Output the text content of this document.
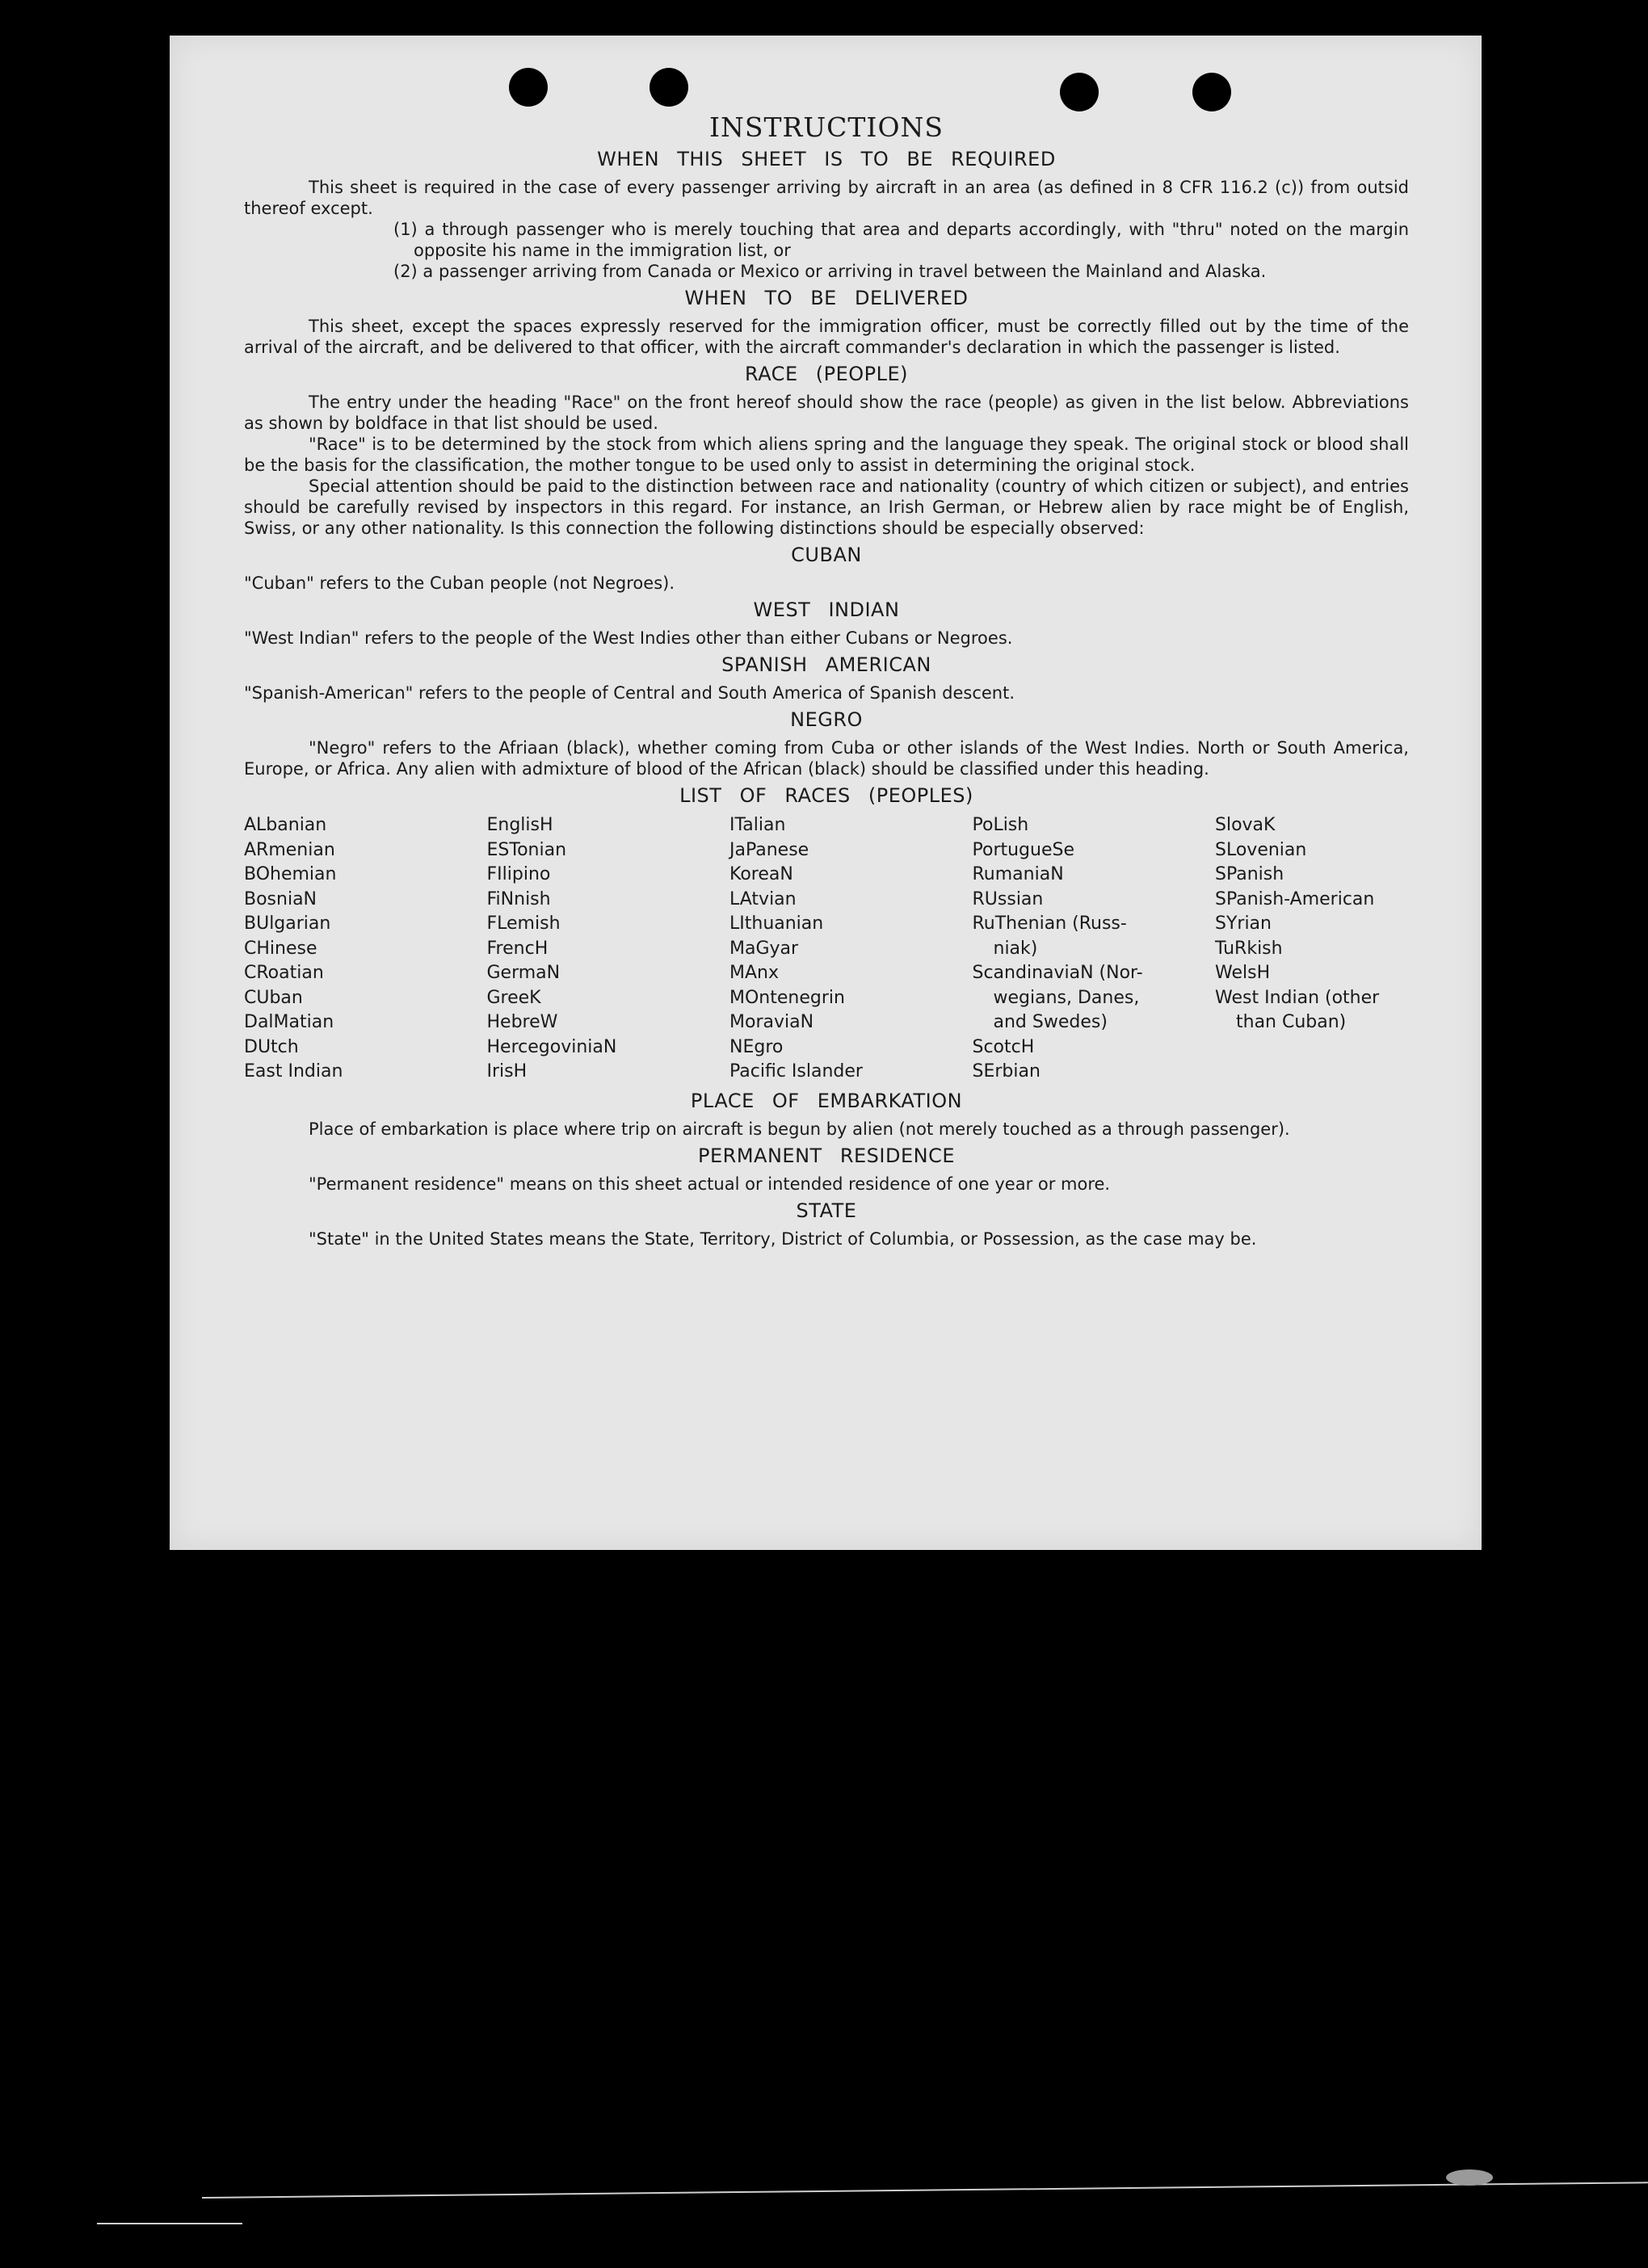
INSTRUCTIONS
WHEN THIS SHEET IS TO BE REQUIRED

This sheet is required in the case of every passenger arriving by aircraft in an area (as defined in 8 CFR 116.2 (c)) from outsid thereof except.

(1) a through passenger who is merely touching that area and departs accordingly, with "thru" noted on the margin opposite his name in the immigration list, or

(2) a passenger arriving from Canada or Mexico or arriving in travel between the Mainland and Alaska.

WHEN TO BE DELIVERED

This sheet, except the spaces expressly reserved for the immigration officer, must be correctly filled out by the time of the arrival of the aircraft, and be delivered to that officer, with the aircraft commander's declaration in which the passenger is listed.

RACE (PEOPLE)

The entry under the heading "Race" on the front hereof should show the race (people) as given in the list below. Abbreviations as shown by boldface in that list should be used.

"Race" is to be determined by the stock from which aliens spring and the language they speak. The original stock or blood shall be the basis for the classification, the mother tongue to be used only to assist in determining the original stock.

Special attention should be paid to the distinction between race and nationality (country of which citizen or subject), and entries should be carefully revised by inspectors in this regard. For instance, an Irish German, or Hebrew alien by race might be of English, Swiss, or any other nationality. Is this connection the following distinctions should be especially observed:

CUBAN

"Cuban" refers to the Cuban people (not Negroes).

WEST INDIAN

"West Indian" refers to the people of the West Indies other than either Cubans or Negroes.

SPANISH AMERICAN

"Spanish-American" refers to the people of Central and South America of Spanish descent.

NEGRO

"Negro" refers to the Afriaan (black), whether coming from Cuba or other islands of the West Indies. North or South America, Europe, or Africa. Any alien with admixture of blood of the African (black) should be classified under this heading.

LIST OF RACES (PEOPLES)
ALbanian
ARmenian
BOhemian
BosniaN
BUlgarian
CHinese
CRoatian
CUban
DalMatian
DUtch
East Indian
EnglisH
ESTonian
FIlipino
FiNnish
FLemish
FrencH
GermaN
GreeK
HebreW
HercegoviniaN
IrisH
ITalian
JaPanese
KoreaN
LAtvian
LIthuanian
MaGyar
MAnx
MOntenegrin
MoraviaN
NEgro
Pacific Islander
PoLish
PortugueSe
RumaniaN
RUssian
RuThenian (Russ-
niak)
ScandinaviaN (Nor-
wegians, Danes,
and Swedes)
ScotcH
SErbian
SlovaK
SLovenian
SPanish
SPanish-American
SYrian
TuRkish
WelsH
West Indian (other
than Cuban)
PLACE OF EMBARKATION

Place of embarkation is place where trip on aircraft is begun by alien (not merely touched as a through passenger).

PERMANENT RESIDENCE

"Permanent residence" means on this sheet actual or intended residence of one year or more.

STATE

"State" in the United States means the State, Territory, District of Columbia, or Possession, as the case may be.
